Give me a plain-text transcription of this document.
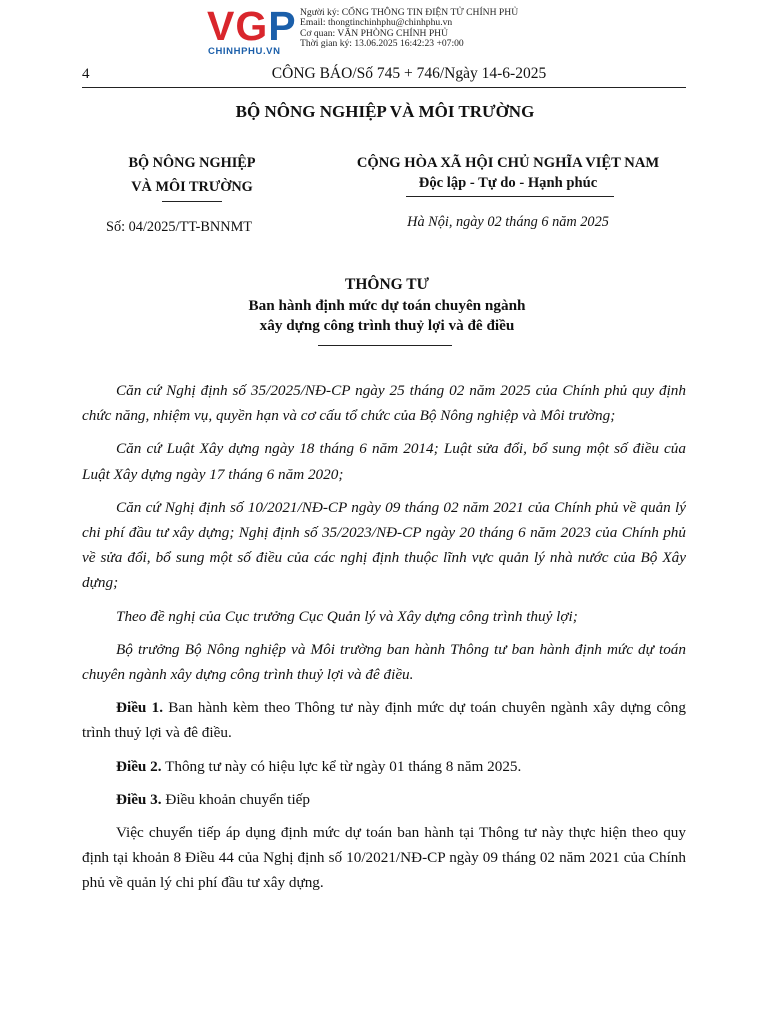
VGP
CHINHPHU.VN
Người ký: CỔNG THÔNG TIN ĐIỆN TỬ CHÍNH PHỦ
Email: thongtinchinhphu@chinhphu.vn
Cơ quan: VĂN PHÒNG CHÍNH PHỦ
Thời gian ký: 13.06.2025 16:42:23 +07:00
4	CÔNG BÁO/Số 745 + 746/Ngày 14-6-2025
BỘ NÔNG NGHIỆP VÀ MÔI TRƯỜNG
BỘ NÔNG NGHIỆP
VÀ MÔI TRƯỜNG
CỘNG HÒA XÃ HỘI CHỦ NGHĨA VIỆT NAM
Độc lập - Tự do - Hạnh phúc
Số: 04/2025/TT-BNNMT	Hà Nội, ngày 02 tháng 6 năm 2025
THÔNG TƯ
Ban hành định mức dự toán chuyên ngành
xây dựng công trình thuỷ lợi và đê điều

Căn cứ Nghị định số 35/2025/NĐ-CP ngày 25 tháng 02 năm 2025 của Chính phủ quy định chức năng, nhiệm vụ, quyền hạn và cơ cấu tổ chức của Bộ Nông nghiệp và Môi trường;

Căn cứ Luật Xây dựng ngày 18 tháng 6 năm 2014; Luật sửa đổi, bổ sung một số điều của Luật Xây dựng ngày 17 tháng 6 năm 2020;

Căn cứ Nghị định số 10/2021/NĐ-CP ngày 09 tháng 02 năm 2021 của Chính phủ về quản lý chi phí đầu tư xây dựng; Nghị định số 35/2023/NĐ-CP ngày 20 tháng 6 năm 2023 của Chính phủ về sửa đổi, bổ sung một số điều của các nghị định thuộc lĩnh vực quản lý nhà nước của Bộ Xây dựng;

Theo đề nghị của Cục trưởng Cục Quản lý và Xây dựng công trình thuỷ lợi;

Bộ trưởng Bộ Nông nghiệp và Môi trường ban hành Thông tư ban hành định mức dự toán chuyên ngành xây dựng công trình thuỷ lợi và đê điều.

Điều 1. Ban hành kèm theo Thông tư này định mức dự toán chuyên ngành xây dựng công trình thuỷ lợi và đê điều.

Điều 2. Thông tư này có hiệu lực kể từ ngày 01 tháng 8 năm 2025.

Điều 3. Điều khoản chuyển tiếp

Việc chuyển tiếp áp dụng định mức dự toán ban hành tại Thông tư này thực hiện theo quy định tại khoản 8 Điều 44 của Nghị định số 10/2021/NĐ-CP ngày 09 tháng 02 năm 2021 của Chính phủ về quản lý chi phí đầu tư xây dựng.
